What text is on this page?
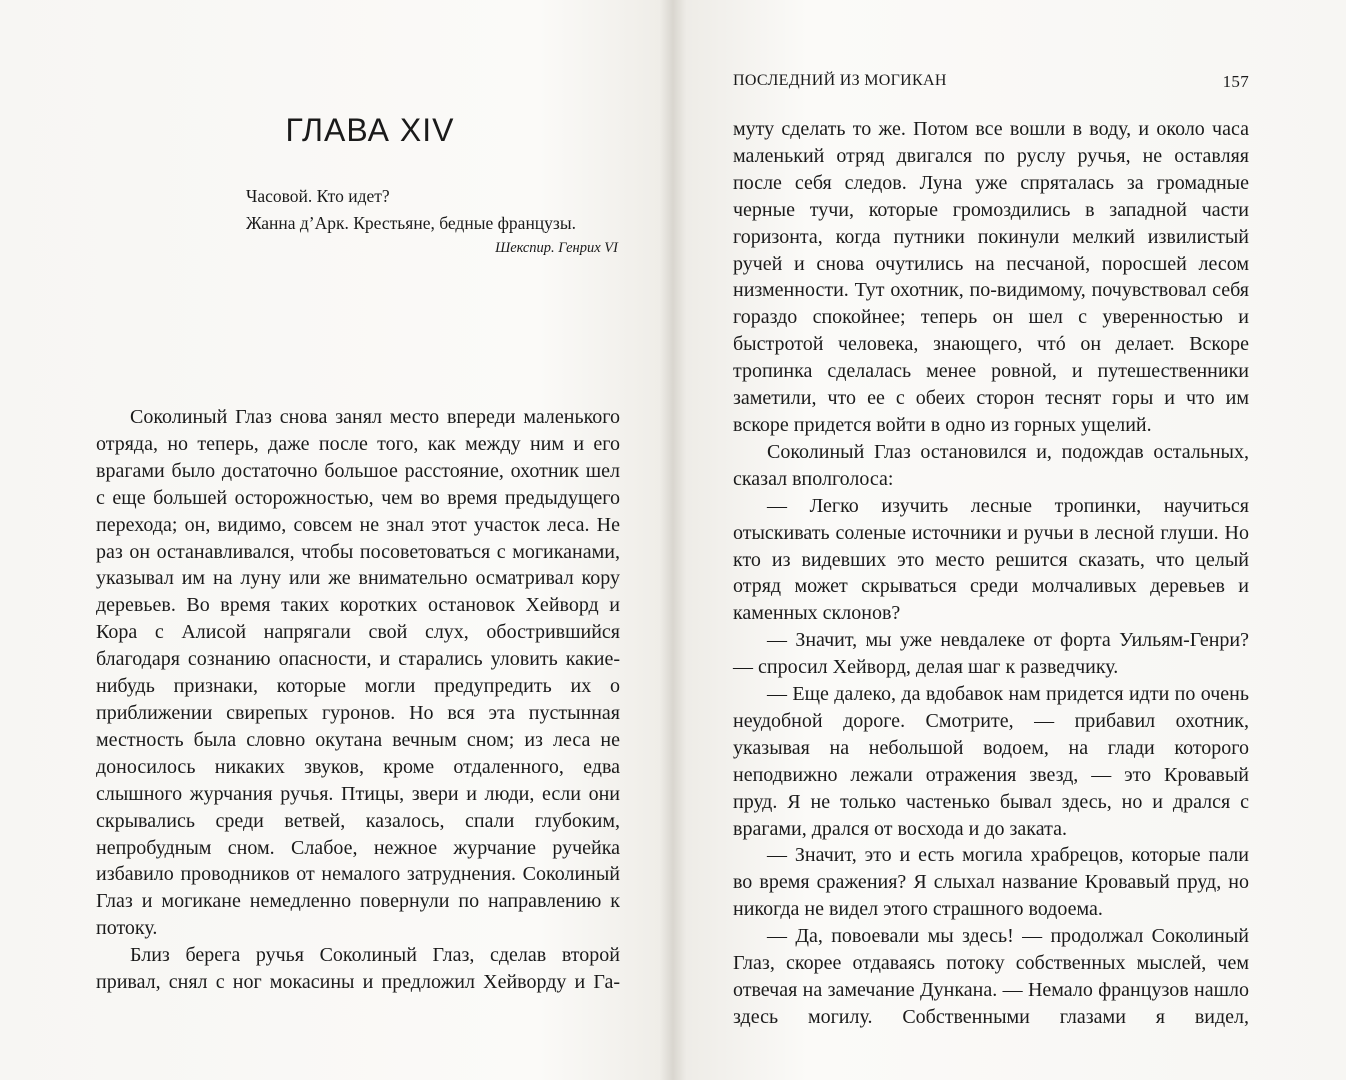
ГЛАВА XIV
Часовой. Кто идет?
Жанна д’Арк. Крестьяне, бедные французы.
Шекспир. Генрих VI

Соколиный Глаз снова занял место впереди маленького отряда, но теперь, даже после того, как между ним и его врагами было достаточно большое расстояние, охотник шел с еще большей осторожностью, чем во время предыдущего перехода; он, видимо, совсем не знал этот участок леса. Не раз он останавливался, чтобы посоветоваться с могиканами, указывал им на луну или же внимательно осматривал кору деревьев. Во время таких коротких остановок Хейворд и Кора с Алисой напрягали свой слух, обострившийся благодаря сознанию опасности, и старались уловить какие-нибудь признаки, которые могли предупредить их о приближении свирепых гуронов. Но вся эта пустынная местность была словно окутана вечным сном; из леса не доносилось никаких звуков, кроме отдаленного, едва слышного журчания ручья. Птицы, звери и люди, если они скрывались среди ветвей, казалось, спали глубоким, непробудным сном. Слабое, нежное журчание ручейка избавило проводников от немалого затруднения. Соколиный Глаз и могикане немедленно повернули по направлению к потоку.

Близ берега ручья Соколиный Глаз, сделав второй привал, снял с ног мокасины и предложил Хейворду и Га-

ПОСЛЕДНИЙ ИЗ МОГИКАН	157

муту сделать то же. Потом все вошли в воду, и около часа маленький отряд двигался по руслу ручья, не оставляя после себя следов. Луна уже спряталась за громадные черные тучи, которые громоздились в западной части горизонта, когда путники покинули мелкий извилистый ручей и снова очутились на песчаной, поросшей лесом низменности. Тут охотник, по-видимому, почувствовал себя гораздо спокойнее; теперь он шел с уверенностью и быстротой человека, знающего, чтó он делает. Вскоре тропинка сделалась менее ровной, и путешественники заметили, что ее с обеих сторон теснят горы и что им вскоре придется войти в одно из горных ущелий.

Соколиный Глаз остановился и, подождав остальных, сказал вполголоса:

— Легко изучить лесные тропинки, научиться отыскивать соленые источники и ручьи в лесной глуши. Но кто из видевших это место решится сказать, что целый отряд может скрываться среди молчаливых деревьев и каменных склонов?

— Значит, мы уже невдалеке от форта Уильям-Генри? — спросил Хейворд, делая шаг к разведчику.

— Еще далеко, да вдобавок нам придется идти по очень неудобной дороге. Смотрите, — прибавил охотник, указывая на небольшой водоем, на глади которого неподвижно лежали отражения звезд, — это Кровавый пруд. Я не только частенько бывал здесь, но и дрался с врагами, дрался от восхода и до заката.

— Значит, это и есть могила храбрецов, которые пали во время сражения? Я слыхал название Кровавый пруд, но никогда не видел этого страшного водоема.

— Да, повоевали мы здесь! — продолжал Соколиный Глаз, скорее отдаваясь потоку собственных мыслей, чем отвечая на замечание Дункана. — Немало французов нашло здесь могилу. Собственными глазами я видел,
